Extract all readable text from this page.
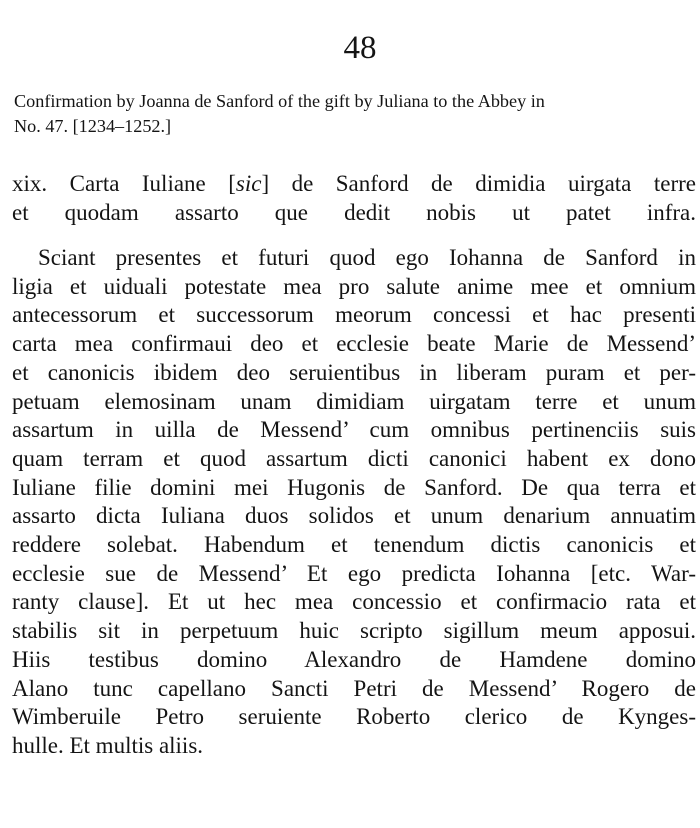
48
Confirmation by Joanna de Sanford of the gift by Juliana to the Abbey in
No. 47. [1234–1252.]
xix. Carta Iuliane [sic] de Sanford de dimidia uirgata terre
et quodam assarto que dedit nobis ut patet infra.
Sciant presentes et futuri quod ego Iohanna de Sanford in
ligia et uiduali potestate mea pro salute anime mee et omnium
antecessorum et successorum meorum concessi et hac presenti
carta mea confirmaui deo et ecclesie beate Marie de Messend’
et canonicis ibidem deo seruientibus in liberam puram et per-
petuam elemosinam unam dimidiam uirgatam terre et unum
assartum in uilla de Messend’ cum omnibus pertinenciis suis
quam terram et quod assartum dicti canonici habent ex dono
Iuliane filie domini mei Hugonis de Sanford. De qua terra et
assarto dicta Iuliana duos solidos et unum denarium annuatim
reddere solebat. Habendum et tenendum dictis canonicis et
ecclesie sue de Messend’ Et ego predicta Iohanna [etc. War-
ranty clause]. Et ut hec mea concessio et confirmacio rata et
stabilis sit in perpetuum huic scripto sigillum meum apposui.
Hiis testibus domino Alexandro de Hamdene domino
Alano tunc capellano Sancti Petri de Messend’ Rogero de
Wimberuile Petro seruiente Roberto clerico de Kynges-
hulle. Et multis aliis.
